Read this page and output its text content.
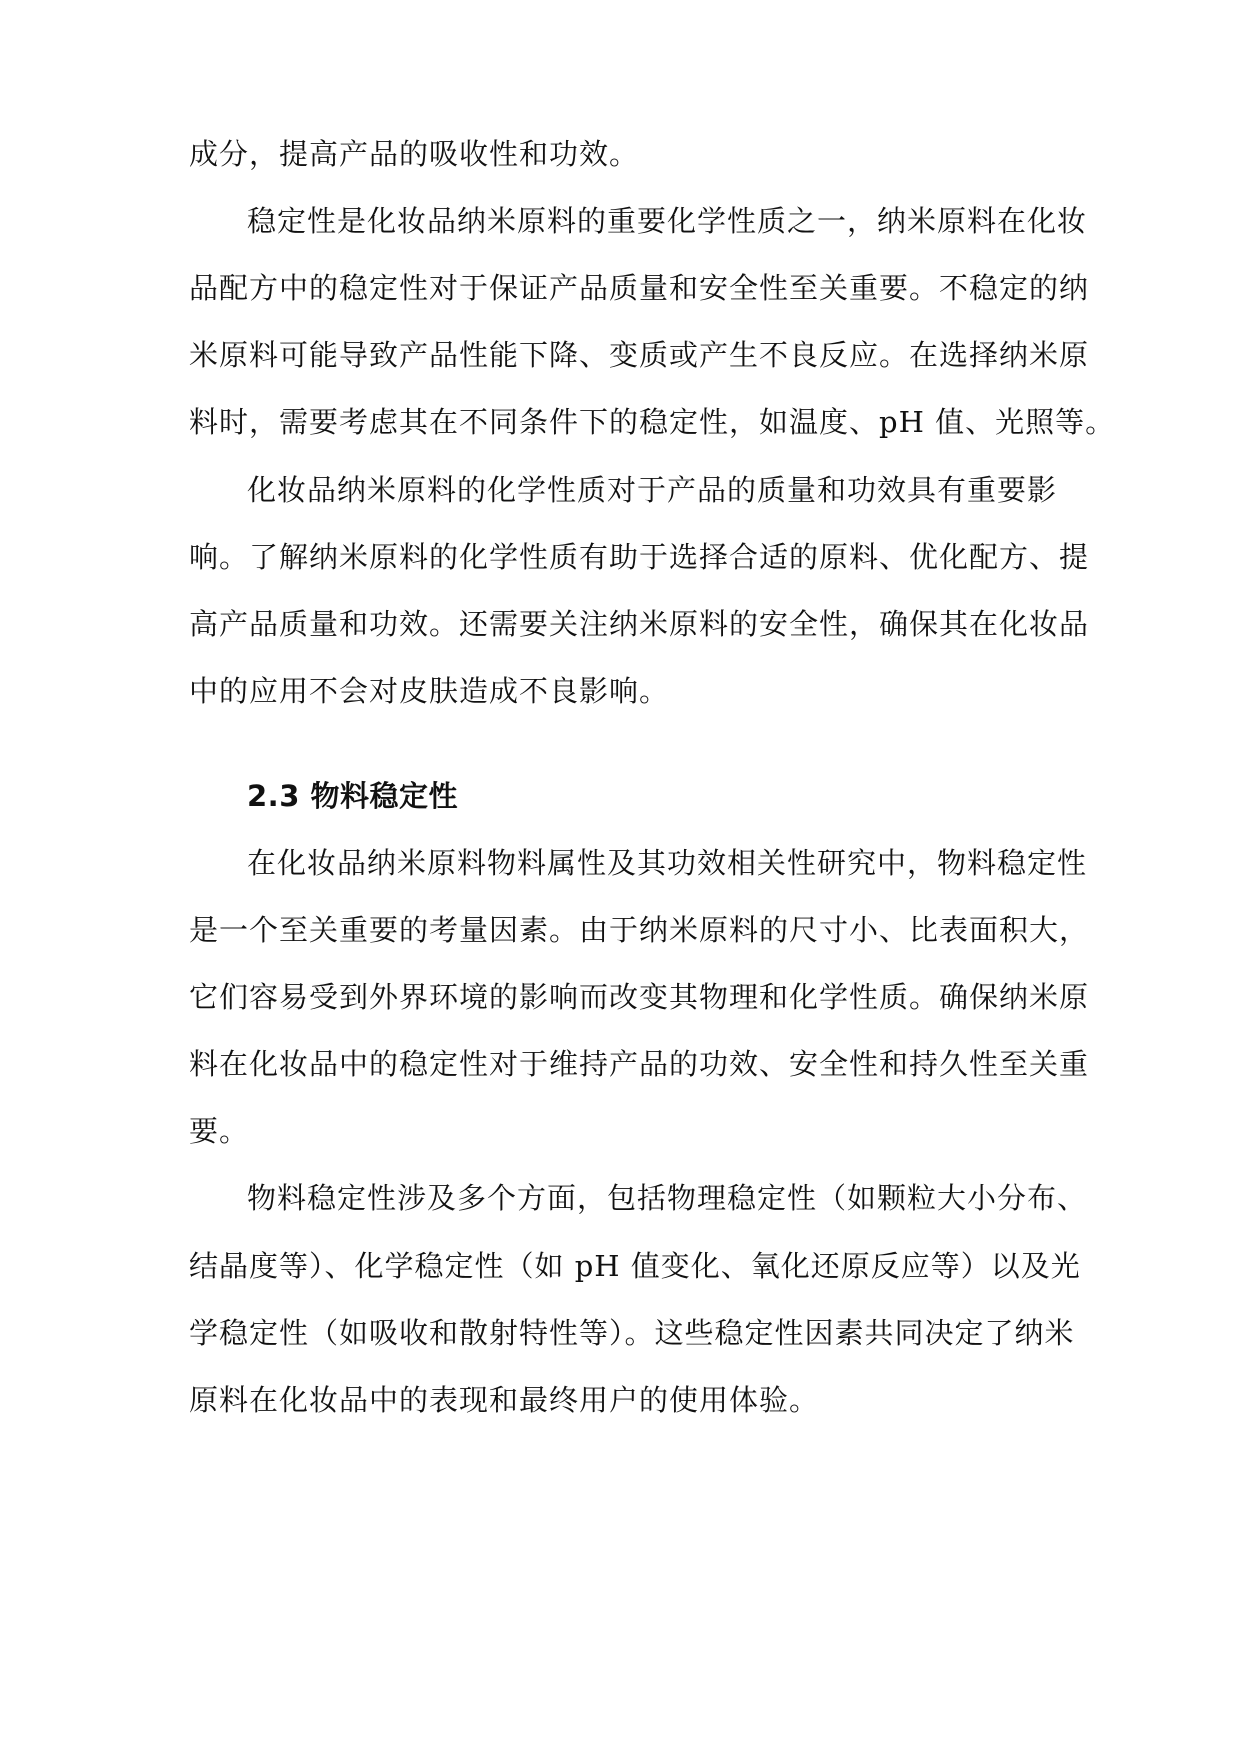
成分，提高产品的吸收性和功效。
稳定性是化妆品纳米原料的重要化学性质之一，纳米原料在化妆
品配方中的稳定性对于保证产品质量和安全性至关重要。不稳定的纳
米原料可能导致产品性能下降、变质或产生不良反应。在选择纳米原
料时，需要考虑其在不同条件下的稳定性，如温度、pH 值、光照等。
化妆品纳米原料的化学性质对于产品的质量和功效具有重要影
响。了解纳米原料的化学性质有助于选择合适的原料、优化配方、提
高产品质量和功效。还需要关注纳米原料的安全性，确保其在化妆品
中的应用不会对皮肤造成不良影响。
2.3 物料稳定性
在化妆品纳米原料物料属性及其功效相关性研究中，物料稳定性
是一个至关重要的考量因素。由于纳米原料的尺寸小、比表面积大，
它们容易受到外界环境的影响而改变其物理和化学性质。确保纳米原
料在化妆品中的稳定性对于维持产品的功效、安全性和持久性至关重
要。
物料稳定性涉及多个方面，包括物理稳定性（如颗粒大小分布、
结晶度等）、化学稳定性（如 pH 值变化、氧化还原反应等）以及光
学稳定性（如吸收和散射特性等）。这些稳定性因素共同决定了纳米
原料在化妆品中的表现和最终用户的使用体验。
